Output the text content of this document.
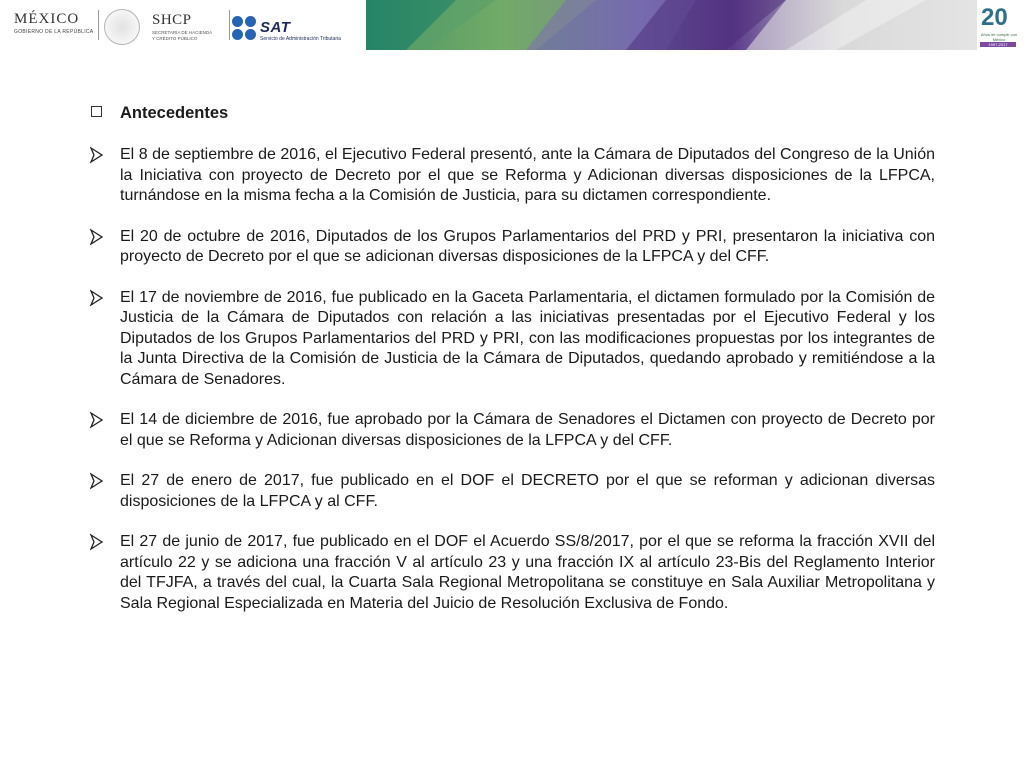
MÉXICO
GOBIERNO DE LA REPÚBLICA
SHCP
SECRETARÍA DE HACIENDA
Y CRÉDITO PÚBLICO
SAT
Servicio de Administración Tributaria
20
Años de cumplir con México
1997-2017
Antecedentes
El 8 de septiembre de 2016, el Ejecutivo Federal presentó, ante la Cámara de Diputados del Congreso de la Unión la Iniciativa con proyecto de Decreto por el que se Reforma y Adicionan diversas disposiciones de la LFPCA, turnándose en la misma fecha a la Comisión de Justicia, para su dictamen correspondiente.
El 20 de octubre de 2016, Diputados de los Grupos Parlamentarios del PRD y PRI, presentaron la iniciativa con proyecto de Decreto por el que se adicionan diversas disposiciones de la LFPCA y del CFF.
El 17 de noviembre de 2016, fue publicado en la Gaceta Parlamentaria, el dictamen formulado por la Comisión de Justicia de la Cámara de Diputados con relación a las iniciativas presentadas por el Ejecutivo Federal y los Diputados de los Grupos Parlamentarios del PRD y PRI, con las modificaciones propuestas por los integrantes de la Junta Directiva de la Comisión de Justicia de la Cámara de Diputados, quedando aprobado y remitiéndose a la Cámara de Senadores.
El 14 de diciembre de 2016, fue aprobado por la Cámara de Senadores el Dictamen con proyecto de Decreto por el que se Reforma y Adicionan diversas disposiciones de la LFPCA y del CFF.
El 27 de enero de 2017, fue publicado en el DOF el DECRETO por el que se reforman y adicionan diversas disposiciones de la LFPCA y al CFF.
El 27 de junio de 2017, fue publicado en el DOF el Acuerdo SS/8/2017, por el que se reforma la fracción XVII del artículo 22 y se adiciona una fracción V al artículo 23 y una fracción IX al artículo 23-Bis del Reglamento Interior del TFJFA, a través del cual, la Cuarta Sala Regional Metropolitana se constituye en Sala Auxiliar Metropolitana y Sala Regional Especializada en Materia del Juicio de Resolución Exclusiva de Fondo.
